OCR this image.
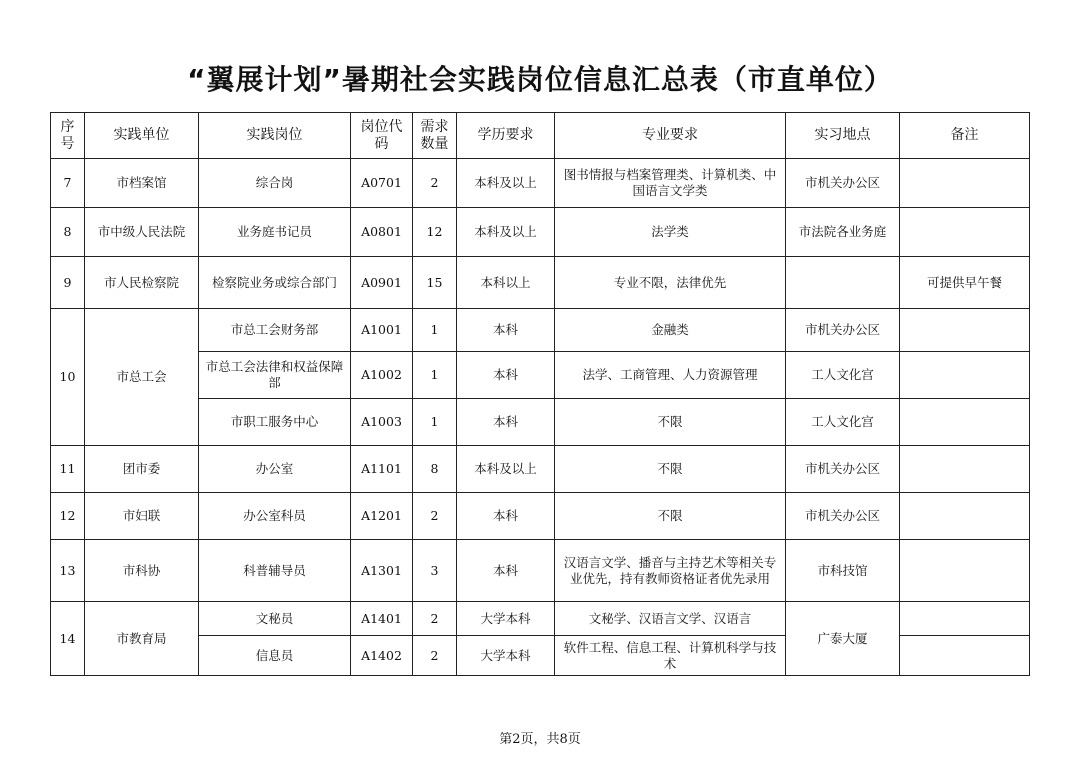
“翼展计划”暑期社会实践岗位信息汇总表（市直单位）
序号	实践单位	实践岗位	岗位代码	需求数量	学历要求	专业要求	实习地点	备注
7	市档案馆	综合岗	A0701	2	本科及以上	图书情报与档案管理类、计算机类、中国语言文学类	市机关办公区	
8	市中级人民法院	业务庭书记员	A0801	12	本科及以上	法学类	市法院各业务庭	
9	市人民检察院	检察院业务或综合部门	A0901	15	本科以上	专业不限，法律优先		可提供早午餐
10	市总工会	市总工会财务部	A1001	1	本科	金融类	市机关办公区	
		市总工会法律和权益保障部	A1002	1	本科	法学、工商管理、人力资源管理	工人文化宫	
		市职工服务中心	A1003	1	本科	不限	工人文化宫	
11	团市委	办公室	A1101	8	本科及以上	不限	市机关办公区	
12	市妇联	办公室科员	A1201	2	本科	不限	市机关办公区	
13	市科协	科普辅导员	A1301	3	本科	汉语言文学、播音与主持艺术等相关专业优先，持有教师资格证者优先录用	市科技馆	
14	市教育局	文秘员	A1401	2	大学本科	文秘学、汉语言文学、汉语言	广泰大厦	
		信息员	A1402	2	大学本科	软件工程、信息工程、计算机科学与技术		
第2页，共8页
